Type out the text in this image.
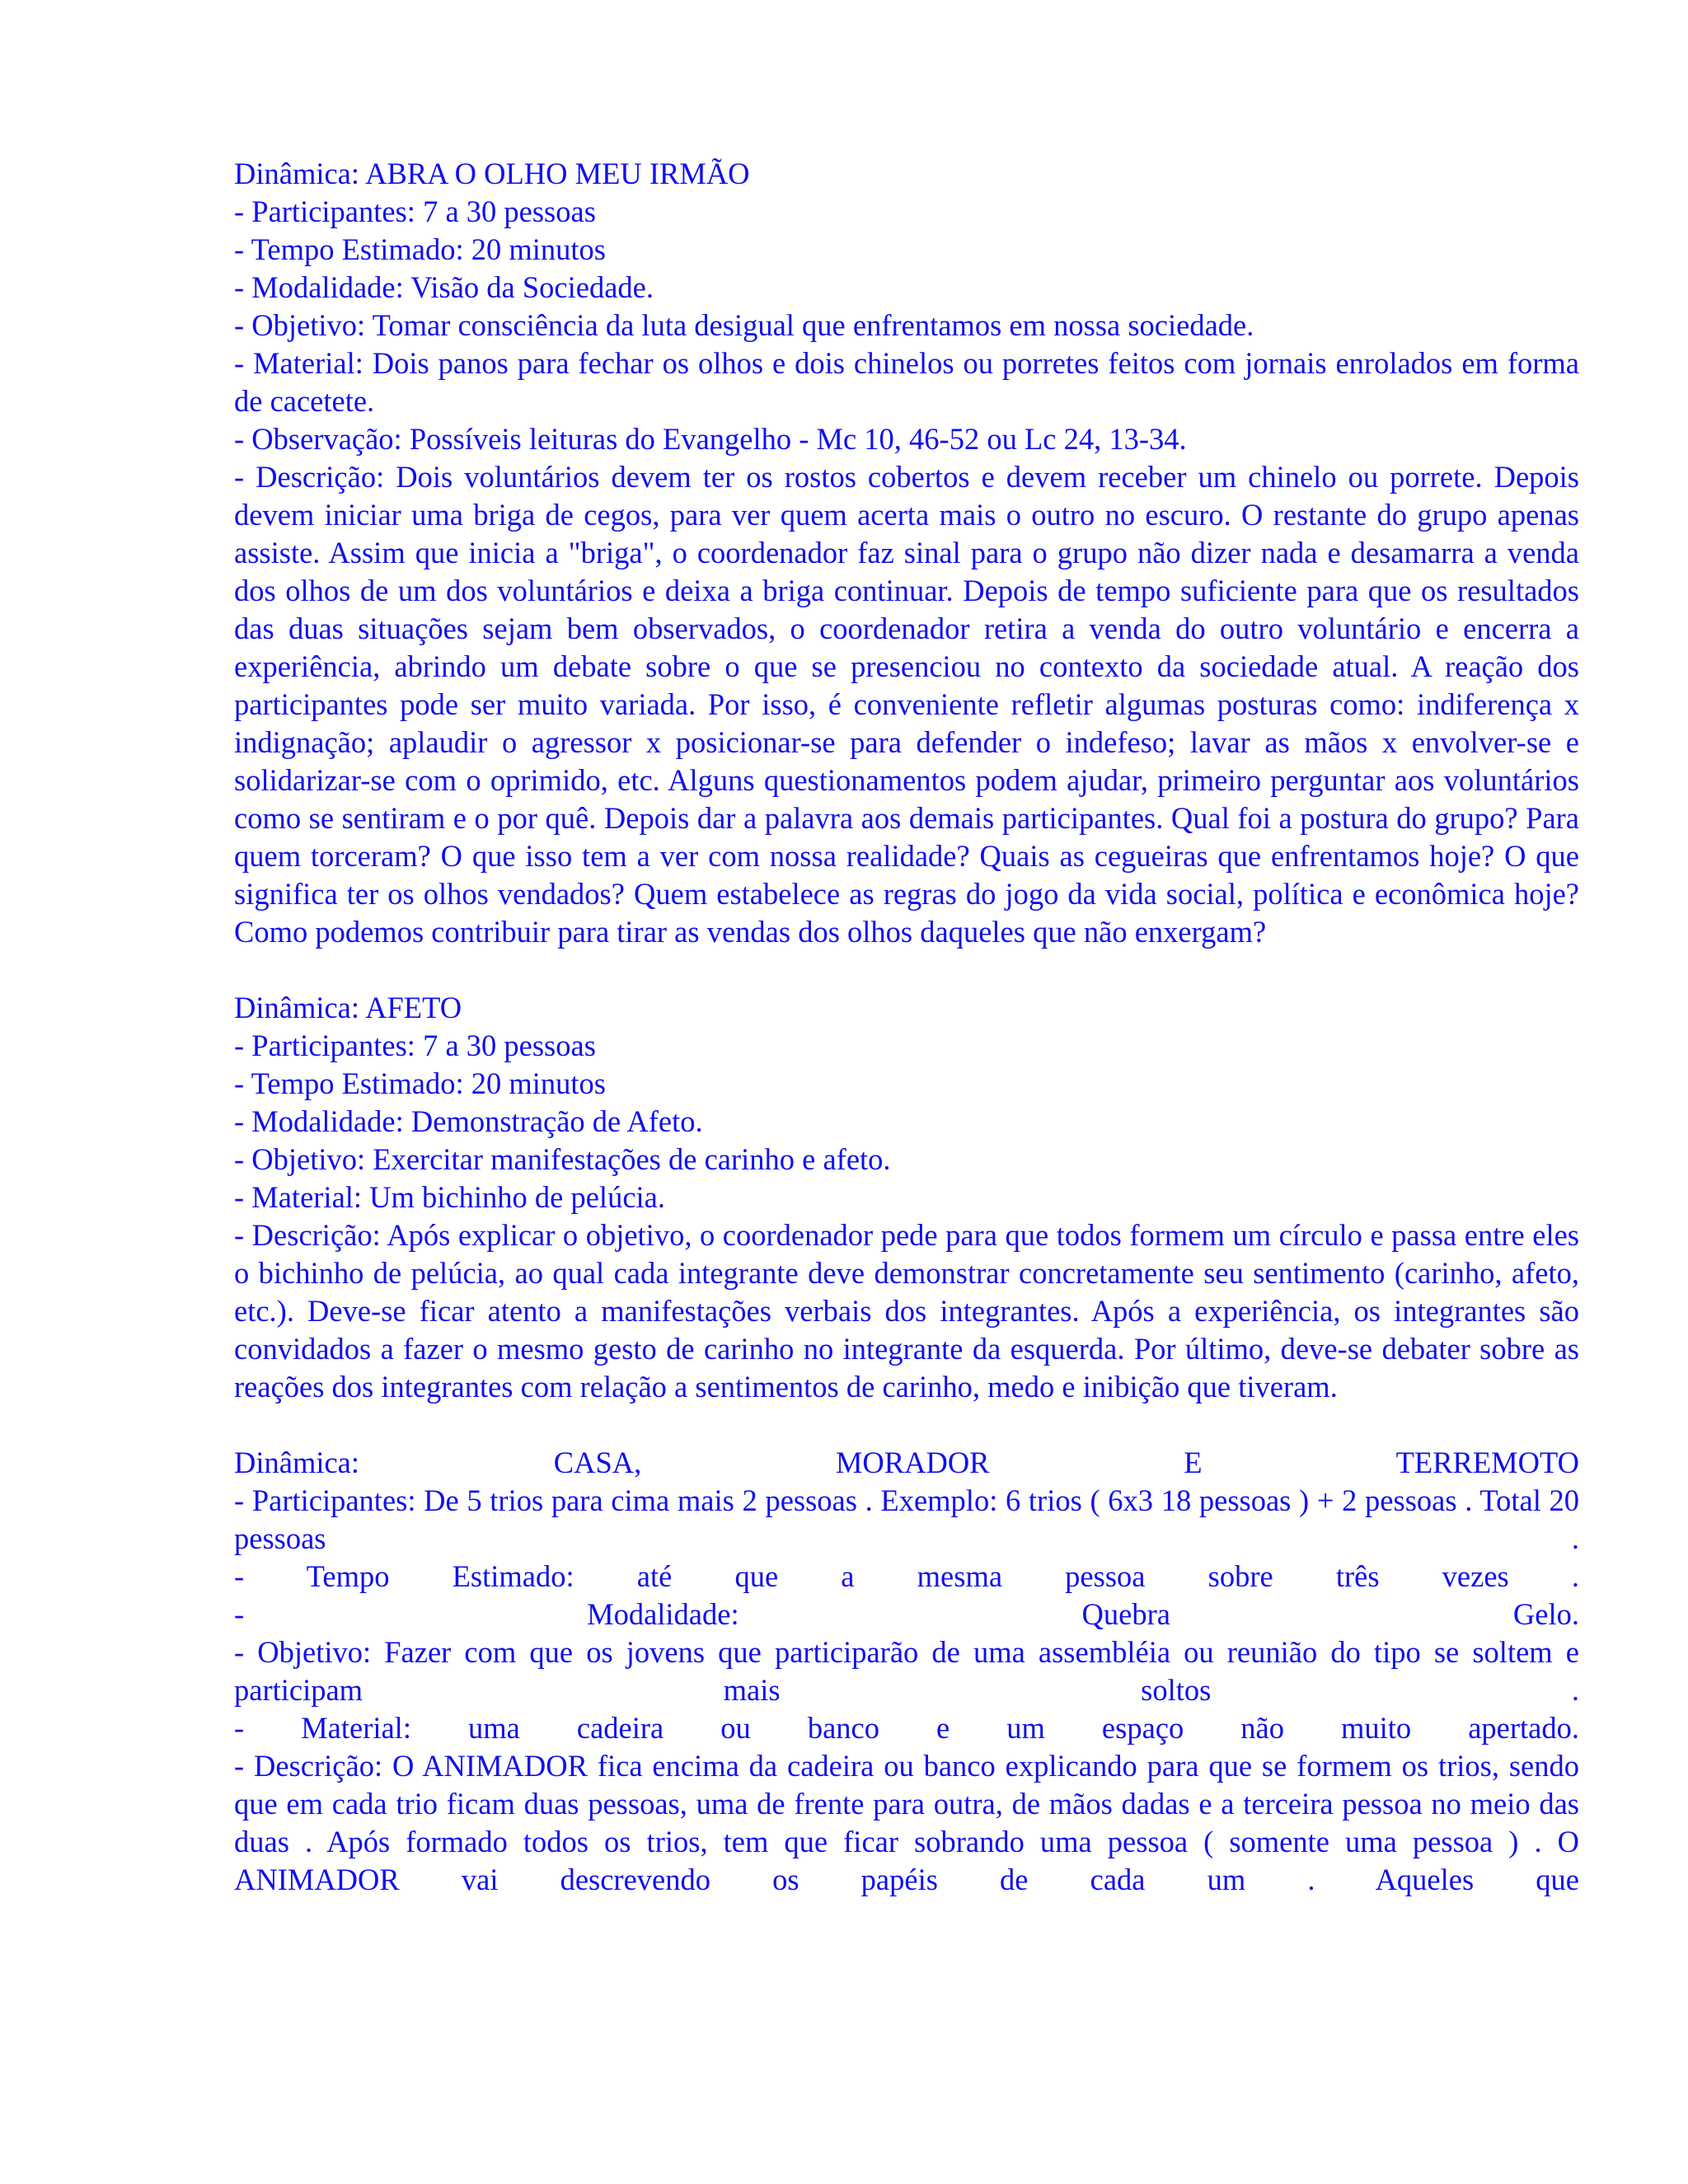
Dinâmica: ABRA O OLHO MEU IRMÃO
- Participantes: 7 a 30 pessoas
- Tempo Estimado: 20 minutos
- Modalidade: Visão da Sociedade.
- Objetivo: Tomar consciência da luta desigual que enfrentamos em nossa sociedade.
- Material: Dois panos para fechar os olhos e dois chinelos ou porretes feitos com jornais enrolados em forma de cacetete.
- Observação: Possíveis leituras do Evangelho - Mc 10, 46-52 ou Lc 24, 13-34.
- Descrição: Dois voluntários devem ter os rostos cobertos e devem receber um chinelo ou porrete. Depois devem iniciar uma briga de cegos, para ver quem acerta mais o outro no escuro. O restante do grupo apenas assiste. Assim que inicia a "briga", o coordenador faz sinal para o grupo não dizer nada e desamarra a venda dos olhos de um dos voluntários e deixa a briga continuar. Depois de tempo suficiente para que os resultados das duas situações sejam bem observados, o coordenador retira a venda do outro voluntário e encerra a experiência, abrindo um debate sobre o que se presenciou no contexto da sociedade atual. A reação dos participantes pode ser muito variada. Por isso, é conveniente refletir algumas posturas como: indiferença x indignação; aplaudir o agressor x posicionar-se para defender o indefeso; lavar as mãos x envolver-se e solidarizar-se com o oprimido, etc. Alguns questionamentos podem ajudar, primeiro perguntar aos voluntários como se sentiram e o por quê. Depois dar a palavra aos demais participantes. Qual foi a postura do grupo? Para quem torceram? O que isso tem a ver com nossa realidade? Quais as cegueiras que enfrentamos hoje? O que significa ter os olhos vendados? Quem estabelece as regras do jogo da vida social, política e econômica hoje? Como podemos contribuir para tirar as vendas dos olhos daqueles que não enxergam?
Dinâmica: AFETO
- Participantes: 7 a 30 pessoas
- Tempo Estimado: 20 minutos
- Modalidade: Demonstração de Afeto.
- Objetivo: Exercitar manifestações de carinho e afeto.
- Material: Um bichinho de pelúcia.
- Descrição: Após explicar o objetivo, o coordenador pede para que todos formem um círculo e passa entre eles o bichinho de pelúcia, ao qual cada integrante deve demonstrar concretamente seu sentimento (carinho, afeto, etc.). Deve-se ficar atento a manifestações verbais dos integrantes. Após a experiência, os integrantes são convidados a fazer o mesmo gesto de carinho no integrante da esquerda. Por último, deve-se debater sobre as reações dos integrantes com relação a sentimentos de carinho, medo e inibição que tiveram.
Dinâmica: CASA, MORADOR E TERREMOTO
- Participantes: De 5 trios para cima mais 2 pessoas . Exemplo: 6 trios ( 6x3 18 pessoas ) + 2 pessoas . Total 20 pessoas .
- Tempo Estimado: até que a mesma pessoa sobre três vezes .
- Modalidade: Quebra Gelo.
- Objetivo: Fazer com que os jovens que participarão de uma assembléia ou reunião do tipo se soltem e participam mais soltos .
- Material: uma cadeira ou banco e um espaço não muito apertado.
- Descrição: O ANIMADOR fica encima da cadeira ou banco explicando para que se formem os trios, sendo que em cada trio ficam duas pessoas, uma de frente para outra, de mãos dadas e a terceira pessoa no meio das duas . Após formado todos os trios, tem que ficar sobrando uma pessoa ( somente uma pessoa ) . O ANIMADOR vai descrevendo os papéis de cada um . Aqueles que
